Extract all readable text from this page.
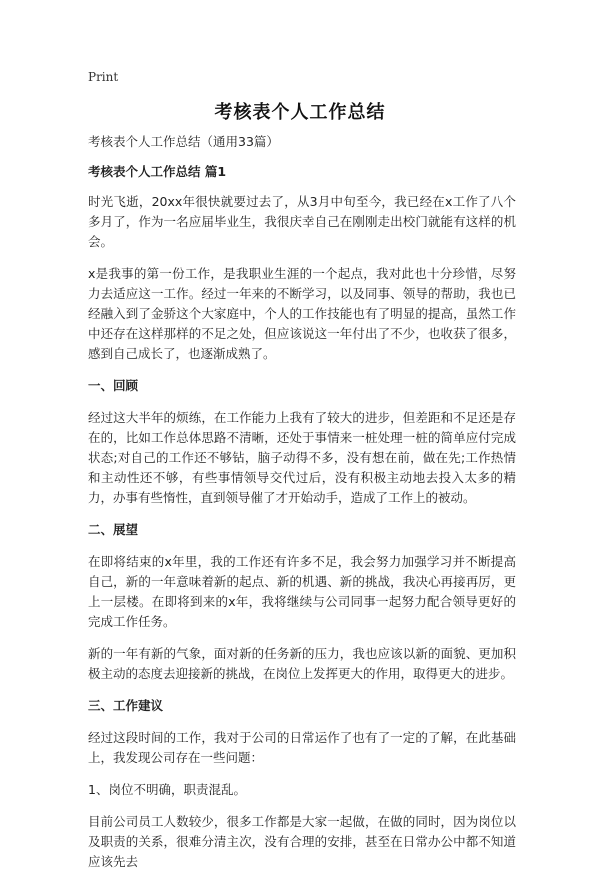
Print
考核表个人工作总结

考核表个人工作总结（通用33篇）

考核表个人工作总结 篇1

时光飞逝，20xx年很快就要过去了，从3月中旬至今，我已经在x工作了八个多月了，作为一名应届毕业生，我很庆幸自己在刚刚走出校门就能有这样的机会。

x是我事的第一份工作，是我职业生涯的一个起点，我对此也十分珍惜，尽努力去适应这一工作。经过一年来的不断学习，以及同事、领导的帮助，我也已经融入到了金骄这个大家庭中，个人的工作技能也有了明显的提高，虽然工作中还存在这样那样的不足之处，但应该说这一年付出了不少，也收获了很多，感到自己成长了，也逐渐成熟了。

一、回顾

经过这大半年的烦练，在工作能力上我有了较大的进步，但差距和不足还是存在的，比如工作总体思路不清晰，还处于事情来一桩处理一桩的简单应付完成状态;对自己的工作还不够钻，脑子动得不多，没有想在前，做在先;工作热情和主动性还不够，有些事情领导交代过后，没有积极主动地去投入太多的精力，办事有些惰性，直到领导催了才开始动手，造成了工作上的被动。

二、展望

在即将结束的x年里，我的工作还有许多不足，我会努力加强学习并不断提高自己，新的一年意味着新的起点、新的机遇、新的挑战，我决心再接再厉，更上一层楼。在即将到来的x年，我将继续与公司同事一起努力配合领导更好的完成工作任务。

新的一年有新的气象，面对新的任务新的压力，我也应该以新的面貌、更加积极主动的态度去迎接新的挑战，在岗位上发挥更大的作用，取得更大的进步。

三、工作建议

经过这段时间的工作，我对于公司的日常运作了也有了一定的了解，在此基础上，我发现公司存在一些问题：

1、岗位不明确，职责混乱。

目前公司员工人数较少，很多工作都是大家一起做，在做的同时，因为岗位以及职责的关系，很难分清主次，没有合理的安排，甚至在日常办公中都不知道应该先去
